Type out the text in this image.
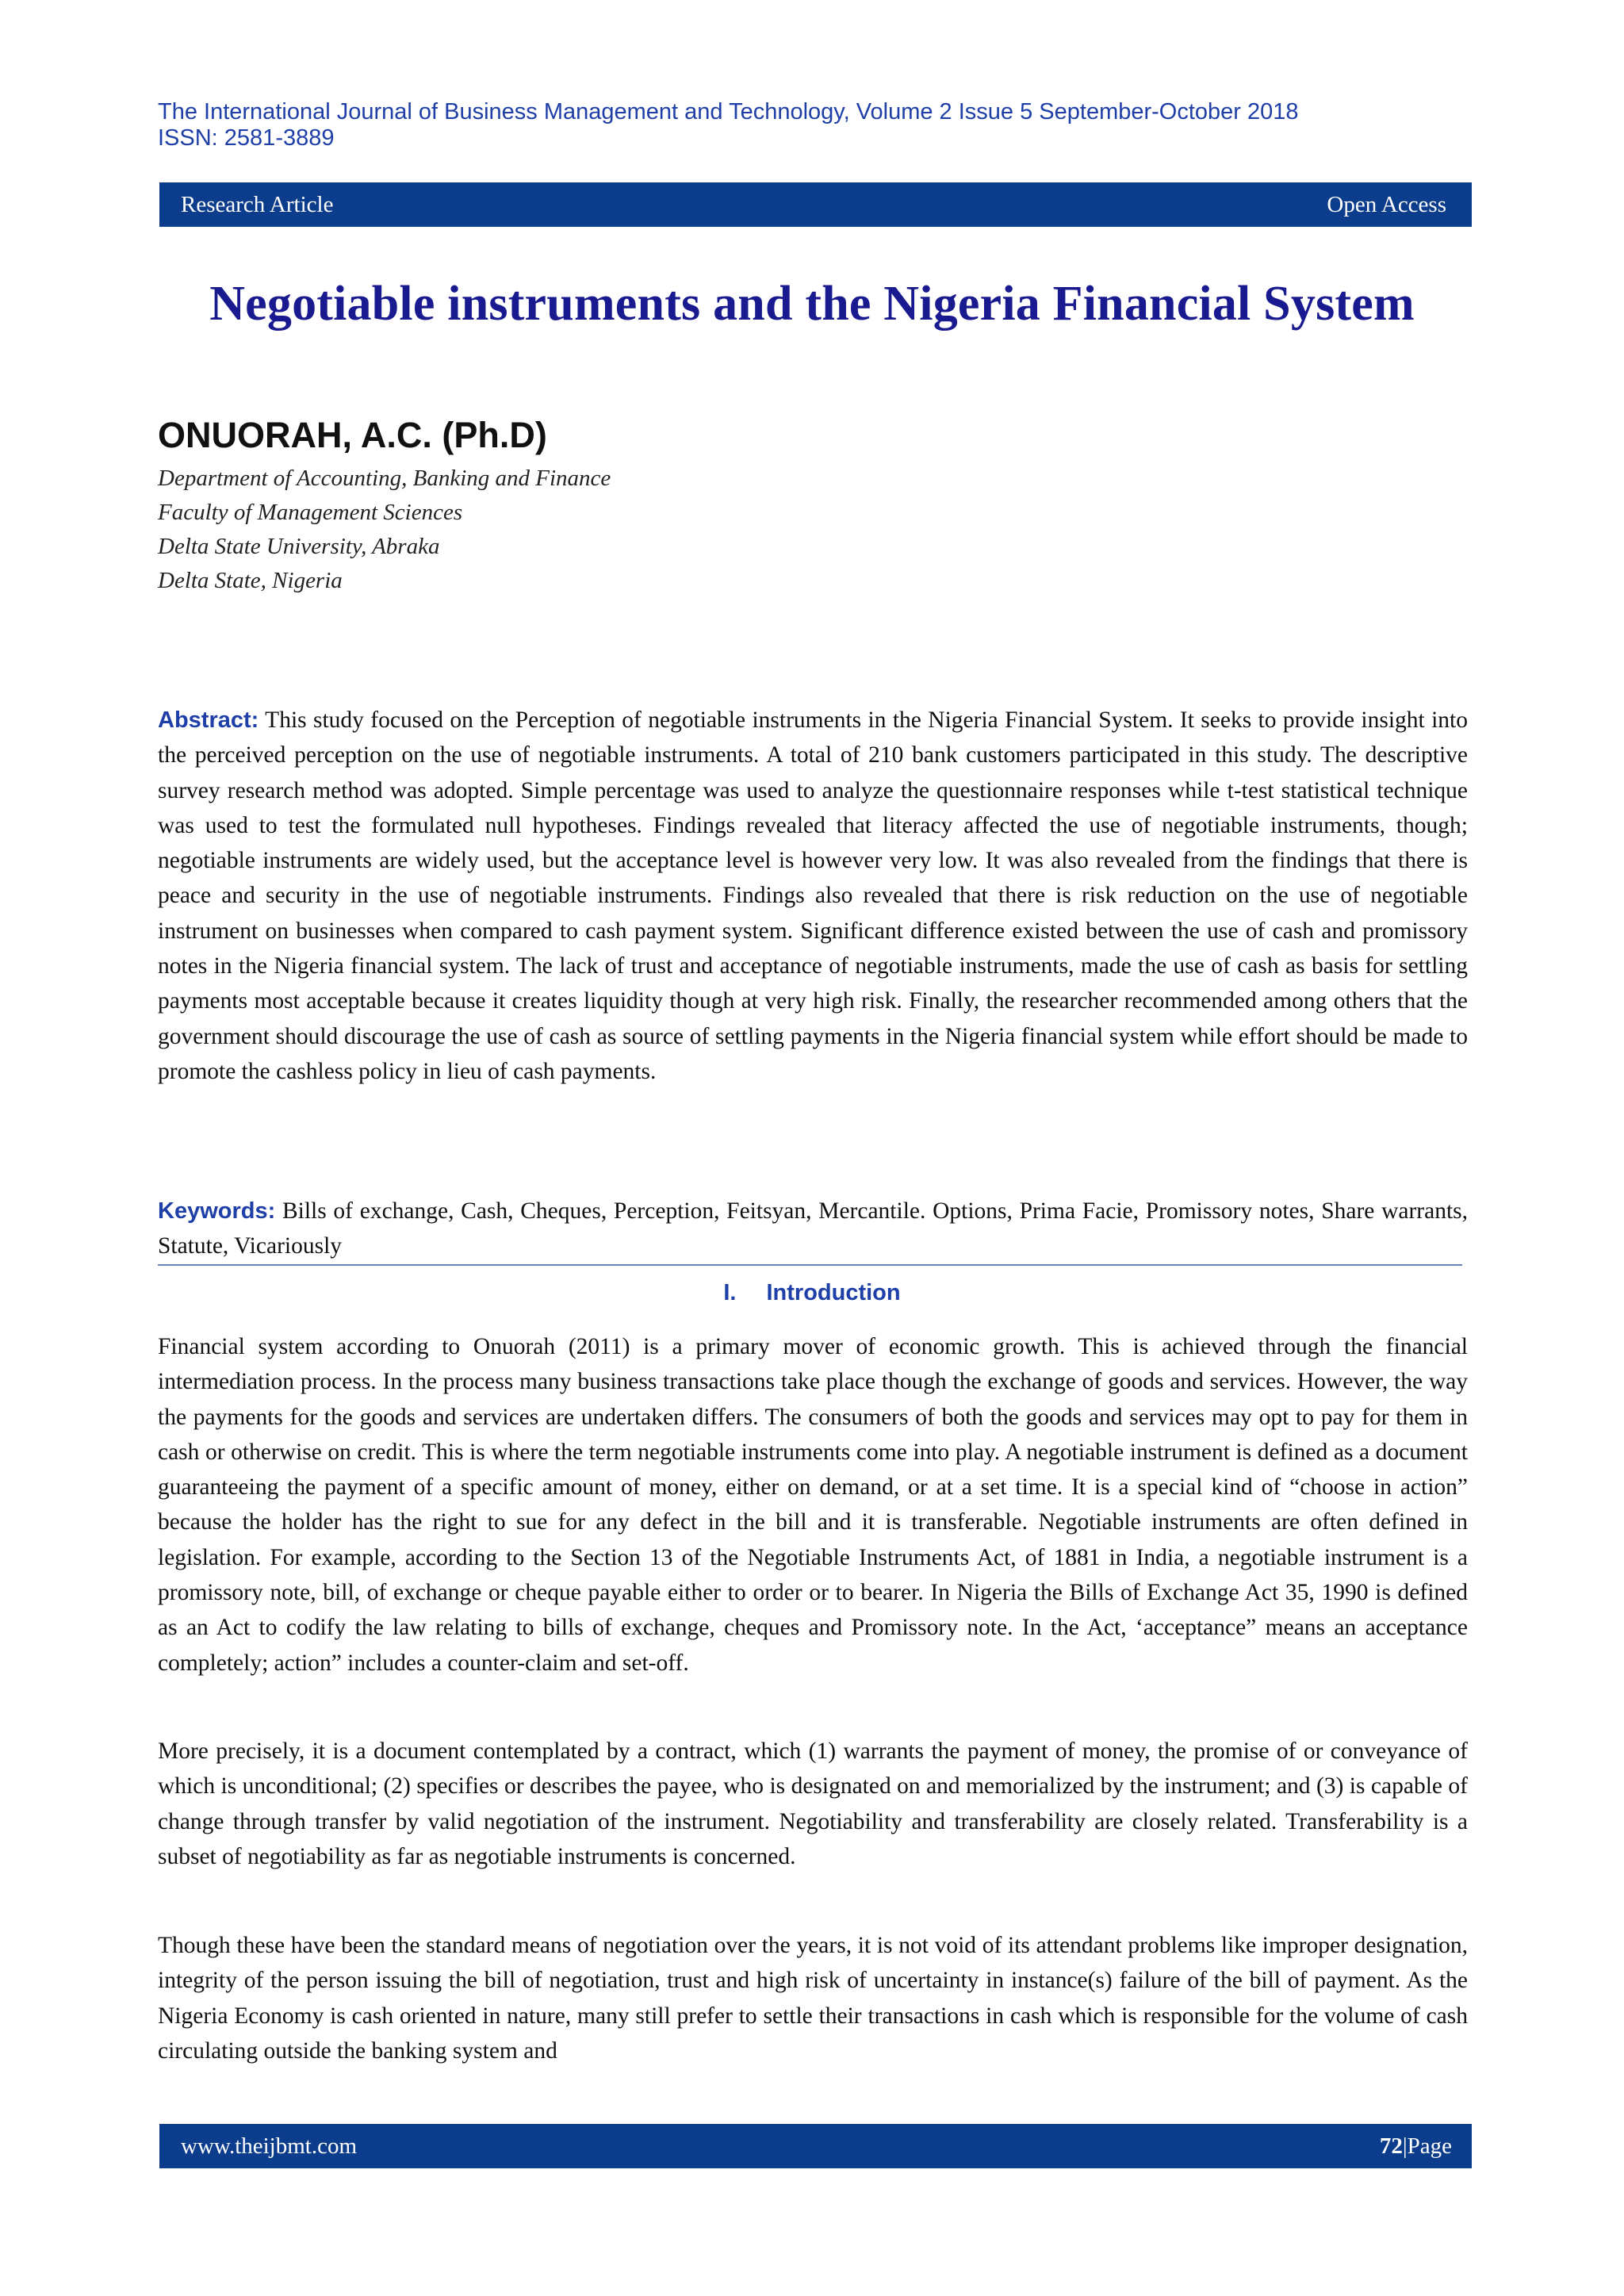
The International Journal of Business Management and Technology, Volume 2 Issue 5 September-October 2018
ISSN: 2581-3889
Research Article	Open Access
Negotiable instruments and the Nigeria Financial System
ONUORAH, A.C. (Ph.D)
Department of Accounting, Banking and Finance
Faculty of Management Sciences
Delta State University, Abraka
Delta State, Nigeria
Abstract: This study focused on the Perception of negotiable instruments in the Nigeria Financial System. It seeks to provide insight into the perceived perception on the use of negotiable instruments. A total of 210 bank customers participated in this study. The descriptive survey research method was adopted. Simple percentage was used to analyze the questionnaire responses while t-test statistical technique was used to test the formulated null hypotheses. Findings revealed that literacy affected the use of negotiable instruments, though; negotiable instruments are widely used, but the acceptance level is however very low. It was also revealed from the findings that there is peace and security in the use of negotiable instruments. Findings also revealed that there is risk reduction on the use of negotiable instrument on businesses when compared to cash payment system. Significant difference existed between the use of cash and promissory notes in the Nigeria financial system. The lack of trust and acceptance of negotiable instruments, made the use of cash as basis for settling payments most acceptable because it creates liquidity though at very high risk. Finally, the researcher recommended among others that the government should discourage the use of cash as source of settling payments in the Nigeria financial system while effort should be made to promote the cashless policy in lieu of cash payments.
Keywords: Bills of exchange, Cash, Cheques, Perception, Feitsyan, Mercantile. Options, Prima Facie, Promissory notes, Share warrants, Statute, Vicariously
I. Introduction
Financial system according to Onuorah (2011) is a primary mover of economic growth. This is achieved through the financial intermediation process. In the process many business transactions take place though the exchange of goods and services. However, the way the payments for the goods and services are undertaken differs. The consumers of both the goods and services may opt to pay for them in cash or otherwise on credit. This is where the term negotiable instruments come into play. A negotiable instrument is defined as a document guaranteeing the payment of a specific amount of money, either on demand, or at a set time. It is a special kind of “choose in action” because the holder has the right to sue for any defect in the bill and it is transferable. Negotiable instruments are often defined in legislation. For example, according to the Section 13 of the Negotiable Instruments Act, of 1881 in India, a negotiable instrument is a promissory note, bill, of exchange or cheque payable either to order or to bearer. In Nigeria the Bills of Exchange Act 35, 1990 is defined as an Act to codify the law relating to bills of exchange, cheques and Promissory note. In the Act, ‘acceptance” means an acceptance completely; action” includes a counter-claim and set-off.
More precisely, it is a document contemplated by a contract, which (1) warrants the payment of money, the promise of or conveyance of which is unconditional; (2) specifies or describes the payee, who is designated on and memorialized by the instrument; and (3) is capable of change through transfer by valid negotiation of the instrument. Negotiability and transferability are closely related. Transferability is a subset of negotiability as far as negotiable instruments is concerned.
Though these have been the standard means of negotiation over the years, it is not void of its attendant problems like improper designation, integrity of the person issuing the bill of negotiation, trust and high risk of uncertainty in instance(s) failure of the bill of payment. As the Nigeria Economy is cash oriented in nature, many still prefer to settle their transactions in cash which is responsible for the volume of cash circulating outside the banking system and
www.theijbmt.com	72|Page
